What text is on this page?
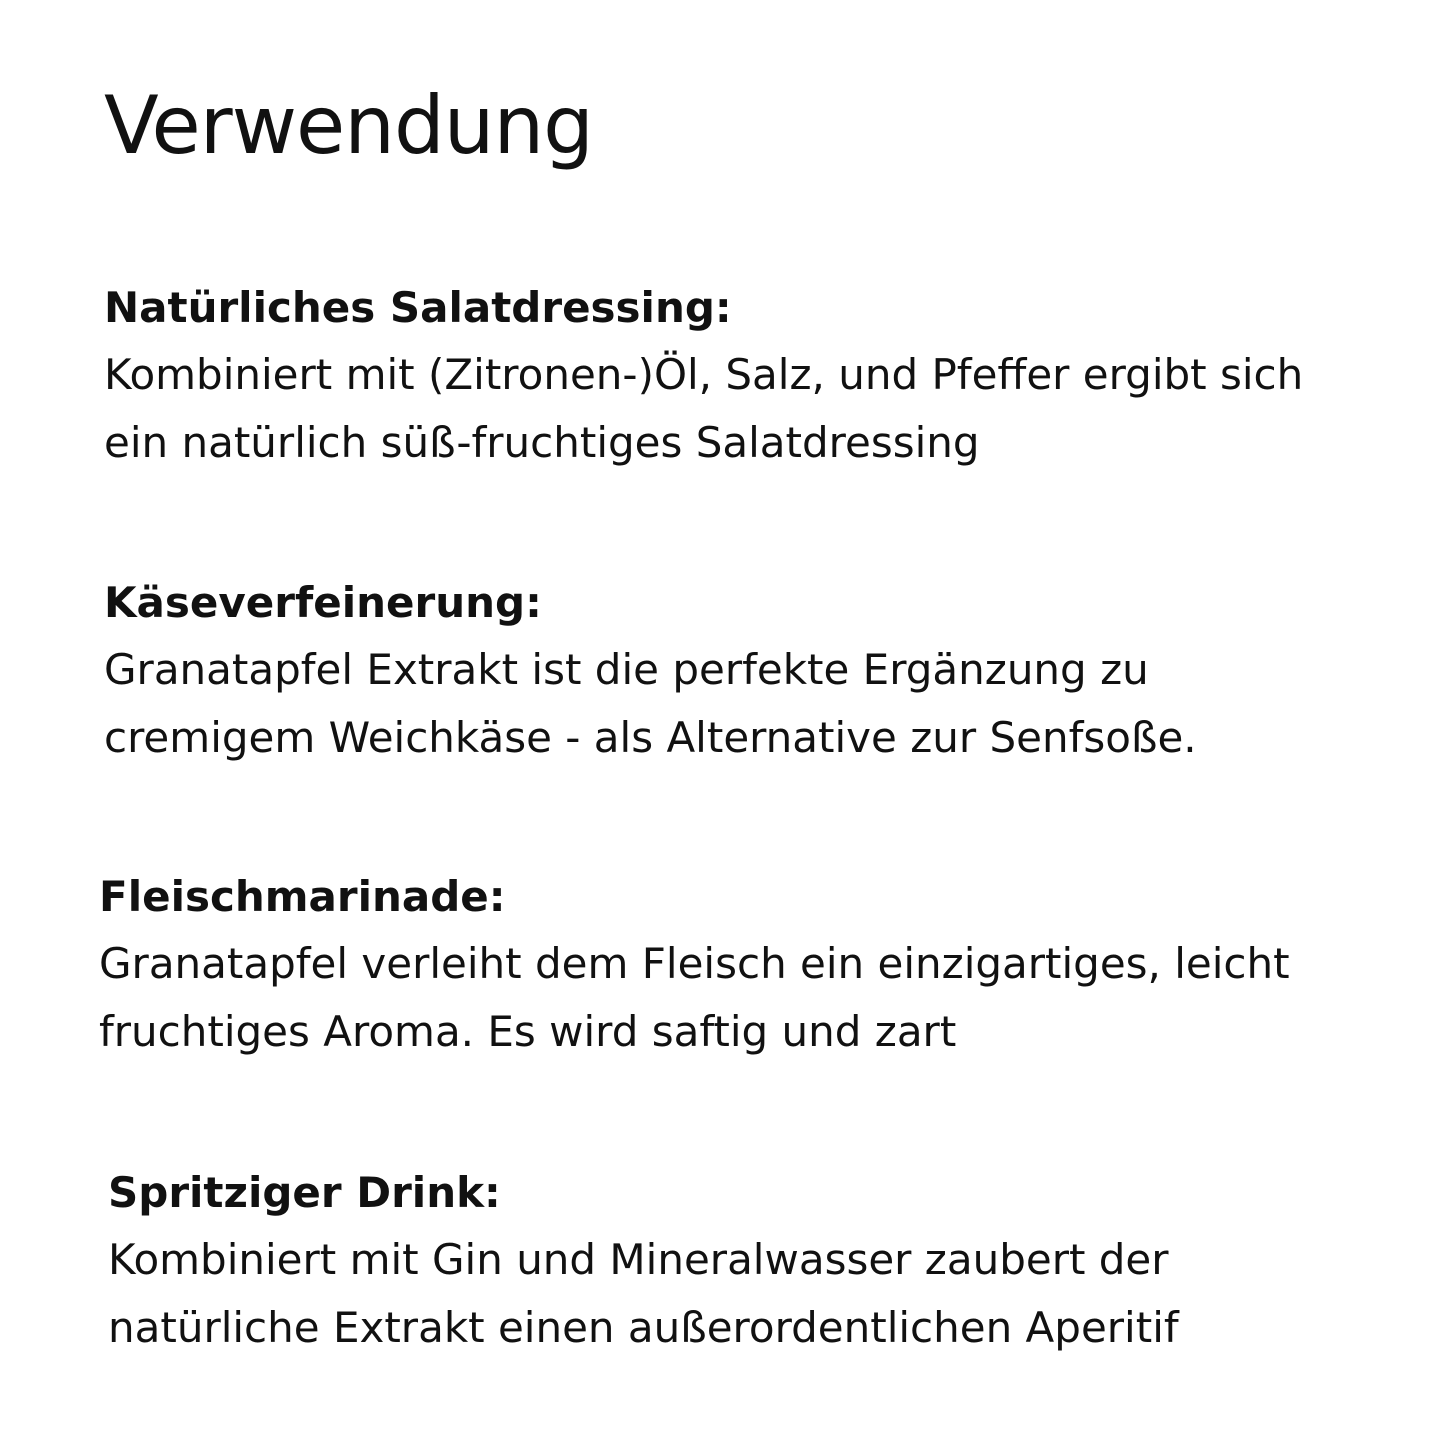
Verwendung

Natürliches Salatdressing:

Kombiniert mit (Zitronen-)Öl, Salz, und Pfeffer ergibt sich
ein natürlich süß-fruchtiges Salatdressing

Käseverfeinerung:

Granatapfel Extrakt ist die perfekte Ergänzung zu
cremigem Weichkäse - als Alternative zur Senfsoße.

Fleischmarinade:

Granatapfel verleiht dem Fleisch ein einzigartiges, leicht
fruchtiges Aroma. Es wird saftig und zart

Spritziger Drink:

Kombiniert mit Gin und Mineralwasser zaubert der
natürliche Extrakt einen außerordentlichen Aperitif
